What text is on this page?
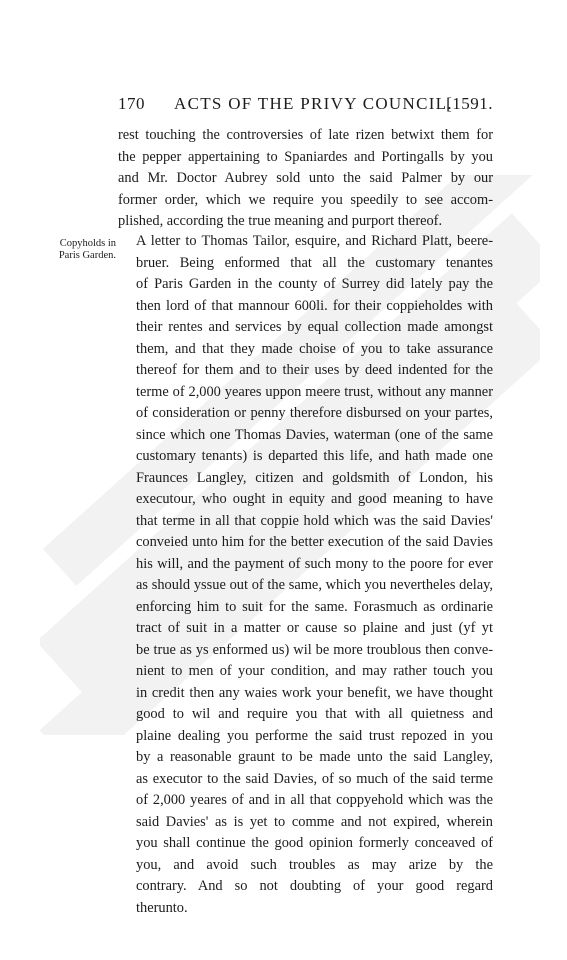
170 ACTS OF THE PRIVY COUNCIL.
[1591.
rest touching the controversies of late rizen betwixt them for
the pepper appertaining to Spaniardes and Portingalls by you
and Mr. Doctor Aubrey sold unto the said Palmer by our
former order, which we require you speedily to see accom-
plished, according the true meaning and purport thereof.
Copyholds in
Paris Garden.
A letter to Thomas Tailor, esquire, and Richard Platt, beere-
bruer. Being enformed that all the customary tenantes
of Paris Garden in the county of Surrey did lately pay the
then lord of that mannour 600li. for their coppieholdes with
their rentes and services by equal collection made amongst
them, and that they made choise of you to take assurance
thereof for them and to their uses by deed indented for the
terme of 2,000 yeares uppon meere trust, without any manner
of consideration or penny therefore disbursed on your partes,
since which one Thomas Davies, waterman (one of the same
customary tenants) is departed this life, and hath made one
Fraunces Langley, citizen and goldsmith of London, his
executour, who ought in equity and good meaning to have
that terme in all that coppie hold which was the said Davies'
conveied unto him for the better execution of the said Davies
his will, and the payment of such mony to the poore for ever
as should yssue out of the same, which you nevertheles delay,
enforcing him to suit for the same. Forasmuch as ordinarie
tract of suit in a matter or cause so plaine and just (yf yt
be true as ys enformed us) wil be more troublous then conve-
nient to men of your condition, and may rather touch you
in credit then any waies work your benefit, we have thought
good to wil and require you that with all quietness and
plaine dealing you performe the said trust repozed in you
by a reasonable graunt to be made unto the said Langley,
as executor to the said Davies, of so much of the said terme
of 2,000 yeares of and in all that coppyehold which was the
said Davies' as is yet to comme and not expired, wherein
you shall continue the good opinion formerly conceaved of
you, and avoid such troubles as may arize by the
contrary. And so not doubting of your good regard
therunto.
